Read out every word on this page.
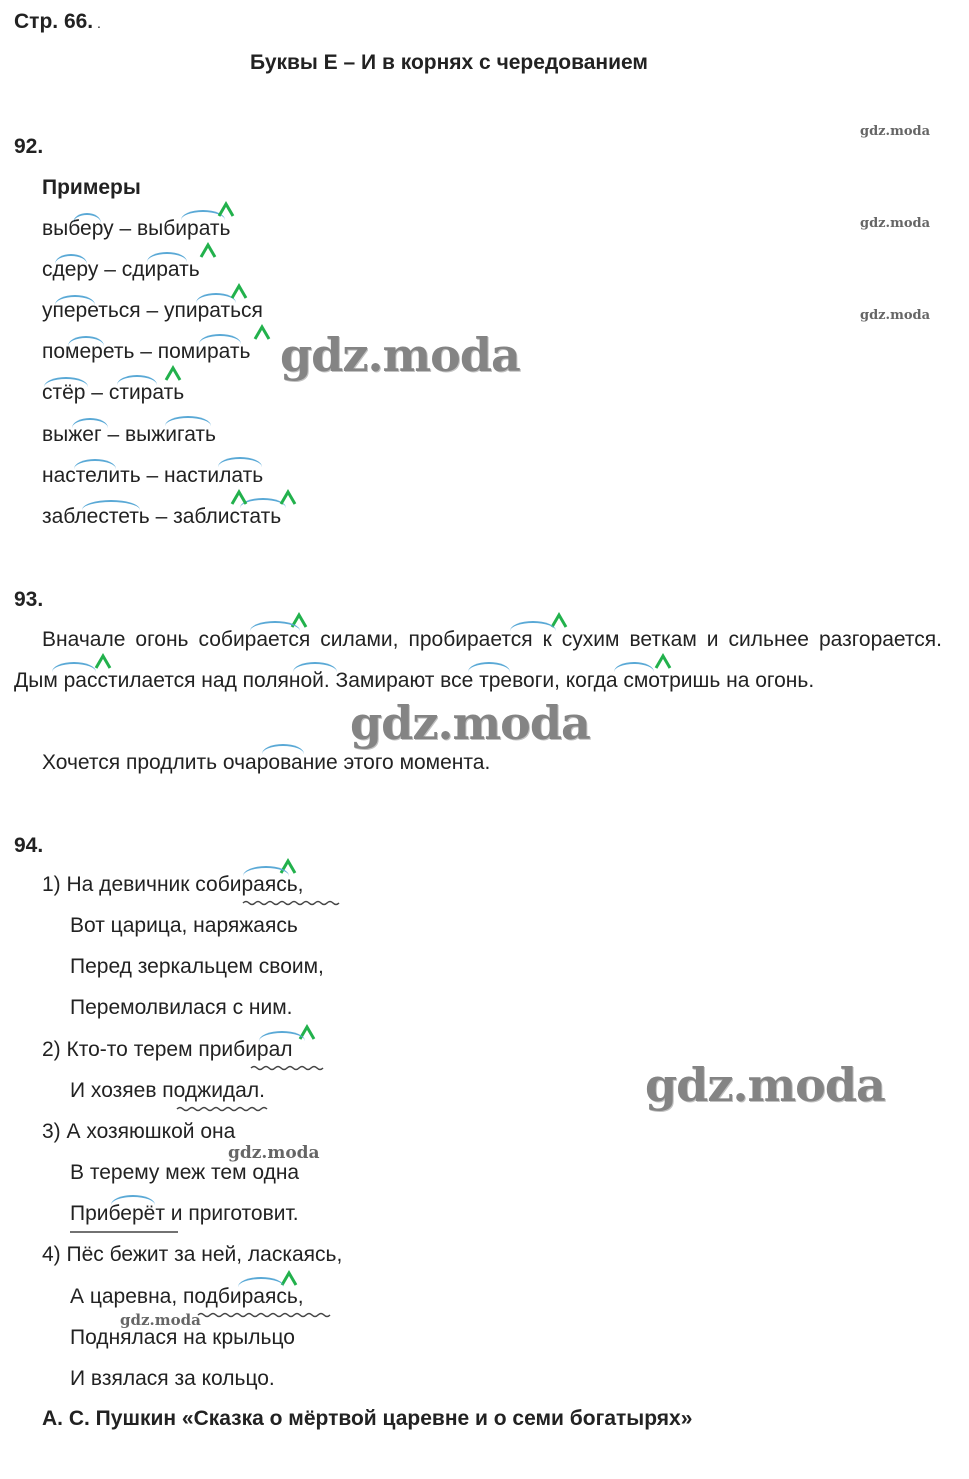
Стр. 66. .
Буквы Е – И в корнях с чередованием
92.
gdz.moda
Примеры
выберу – выбирать	gdz.moda
сдеру – сдирать
упереться – упираться	gdz.moda
помереть – помирать
стёр – стирать
выжег – выжигать
настелить – настилать
заблестеть – заблистать
93.
Вначале огонь собирается силами, пробирается к сухим веткам и сильнее разгорается. Дым расстилается над поляной. Замирают все тревоги, когда смотришь на огонь.
Хочется продлить очарование этого момента.
94.
1) На девичник собираясь,
Вот царица, наряжаясь
Перед зеркальцем своим,
Перемолвилася с ним.
2) Кто-то терем прибирал
И хозяев поджидал.
3) А хозяюшкой она
В терему меж тем одна
Приберёт и приготовит.
4) Пёс бежит за ней, ласкаясь,
А царевна, подбираясь,
Поднялася на крыльцо
И взялася за кольцо.
А. С. Пушкин «Сказка о мёртвой царевне и о семи богатырях»
gdz.moda
gdz.moda
gdz.moda
gdz.moda
gdz.moda
